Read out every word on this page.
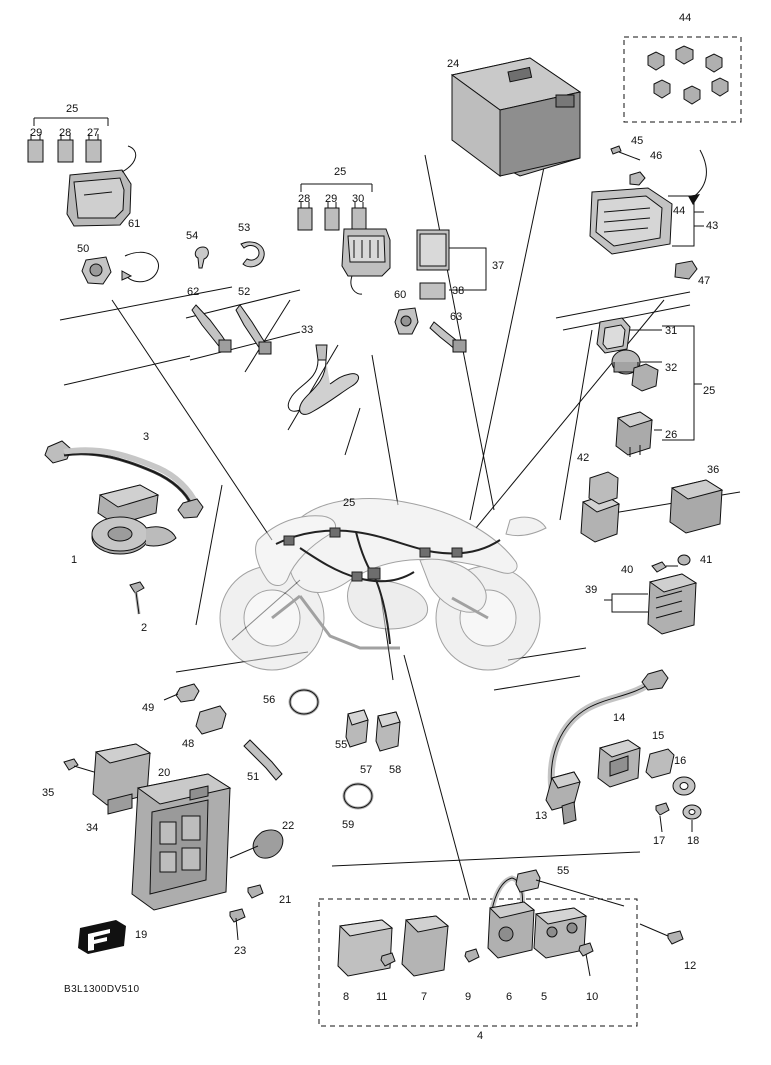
44
24
25
45
29 28 27
46
25
44
43
28 29 30
61
54
53
50
47
37
38
62	52	60
63
33	31
32
25
26
3
42
36
25
1	41
40
39
2
14
49
56
15
48
16
55
51
35
20	57 58
13
17 18
34	59
22
21
55
12
19
23
8 11	7	9	6	5	10
4
B3L1300DV510
